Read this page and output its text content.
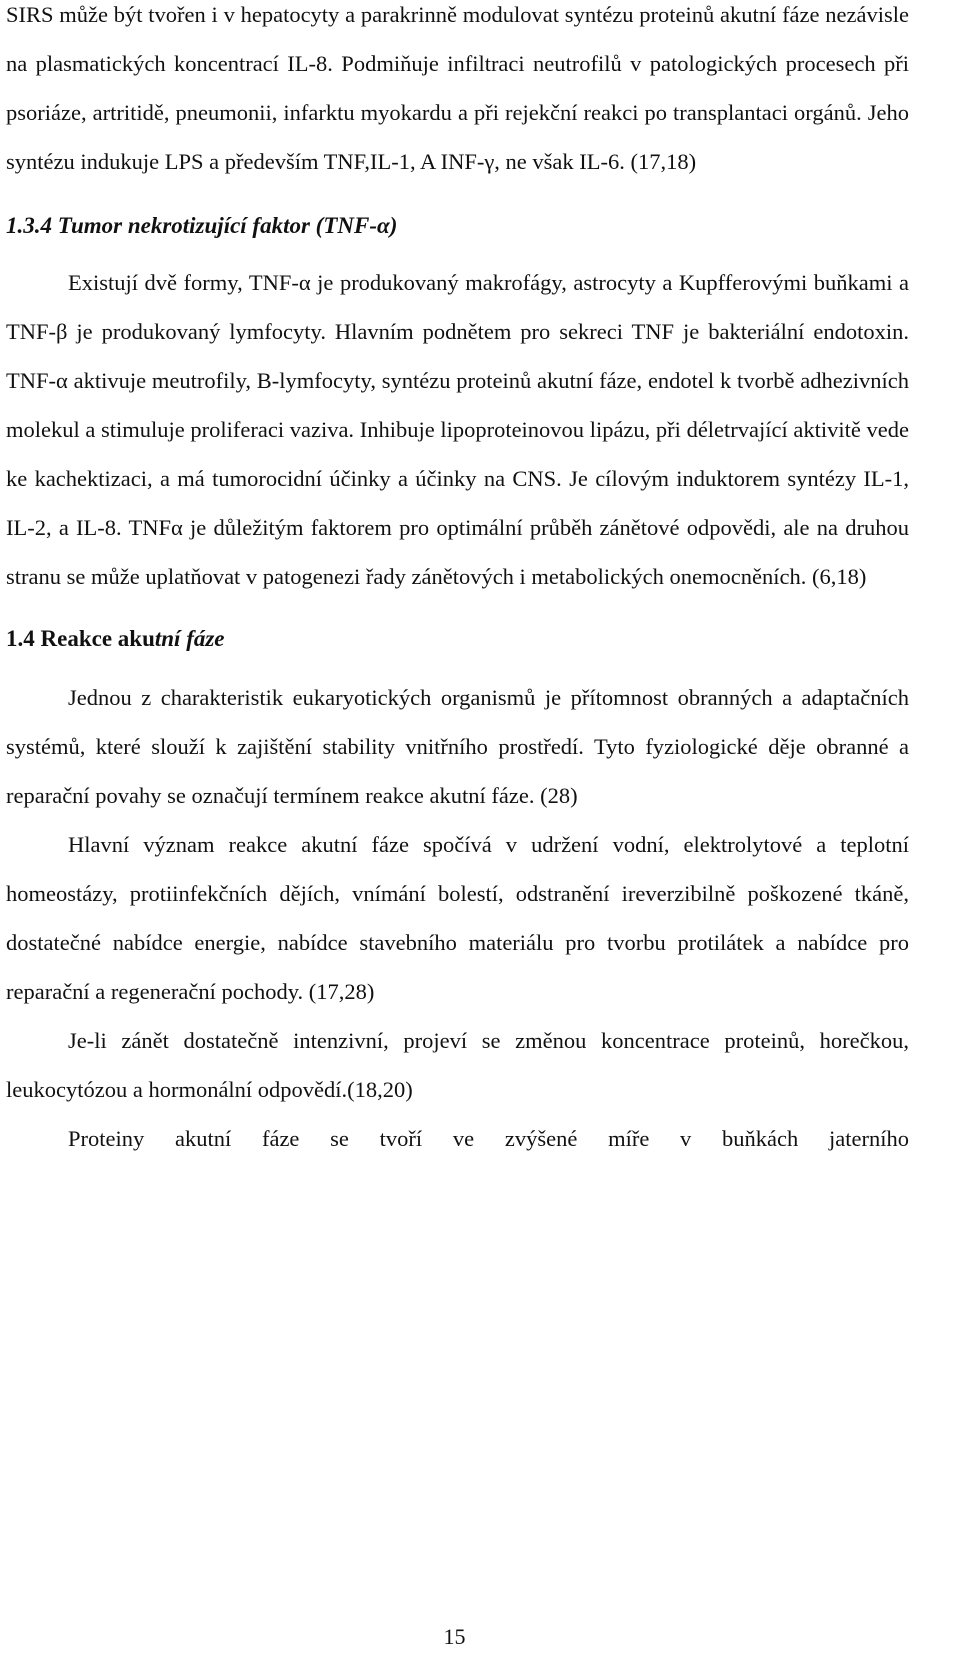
SIRS může být tvořen i v hepatocyty a parakrinně modulovat syntézu proteinů akutní fáze nezávisle na plasmatických koncentrací IL-8. Podmiňuje infiltraci neutrofilů v patologických procesech při psoriáze, artritidě, pneumonii, infarktu myokardu a při rejekční reakci po transplantaci orgánů. Jeho syntézu indukuje LPS a především TNF,IL-1, A INF-γ, ne však IL-6. (17,18)

1.3.4 Tumor nekrotizující faktor (TNF-α)

Existují dvě formy, TNF-α je produkovaný makrofágy, astrocyty a Kupfferovými buňkami a TNF-β je produkovaný lymfocyty. Hlavním podnětem pro sekreci TNF je bakteriální endotoxin. TNF-α aktivuje meutrofily, B-lymfocyty, syntézu proteinů akutní fáze, endotel k tvorbě adhezivních molekul a stimuluje proliferaci vaziva. Inhibuje lipoproteinovou lipázu, při déletrvající aktivitě vede ke kachektizaci, a má tumorocidní účinky a účinky na CNS. Je cílovým induktorem syntézy IL-1, IL-2, a IL-8. TNFα je důležitým faktorem pro optimální průběh zánětové odpovědi, ale na druhou stranu se může uplatňovat v patogenezi řady zánětových i metabolických onemocněních. (6,18)

1.4 Reakce akutní fáze

Jednou z charakteristik eukaryotických organismů je přítomnost obranných a adaptačních systémů, které slouží k zajištění stability vnitřního prostředí. Tyto fyziologické děje obranné a reparační povahy se označují termínem reakce akutní fáze. (28)

Hlavní význam reakce akutní fáze spočívá v udržení vodní, elektrolytové a teplotní homeostázy, protiinfekčních dějích, vnímání bolestí, odstranění ireverzibilně poškozené tkáně, dostatečné nabídce energie, nabídce stavebního materiálu pro tvorbu protilátek a nabídce pro reparační a regenerační pochody. (17,28)

Je-li zánět dostatečně intenzivní, projeví se změnou koncentrace proteinů, horečkou, leukocytózou a hormonální odpovědí.(18,20)

Proteiny akutní fáze se tvoří ve zvýšené míře v buňkách jaterního

15
